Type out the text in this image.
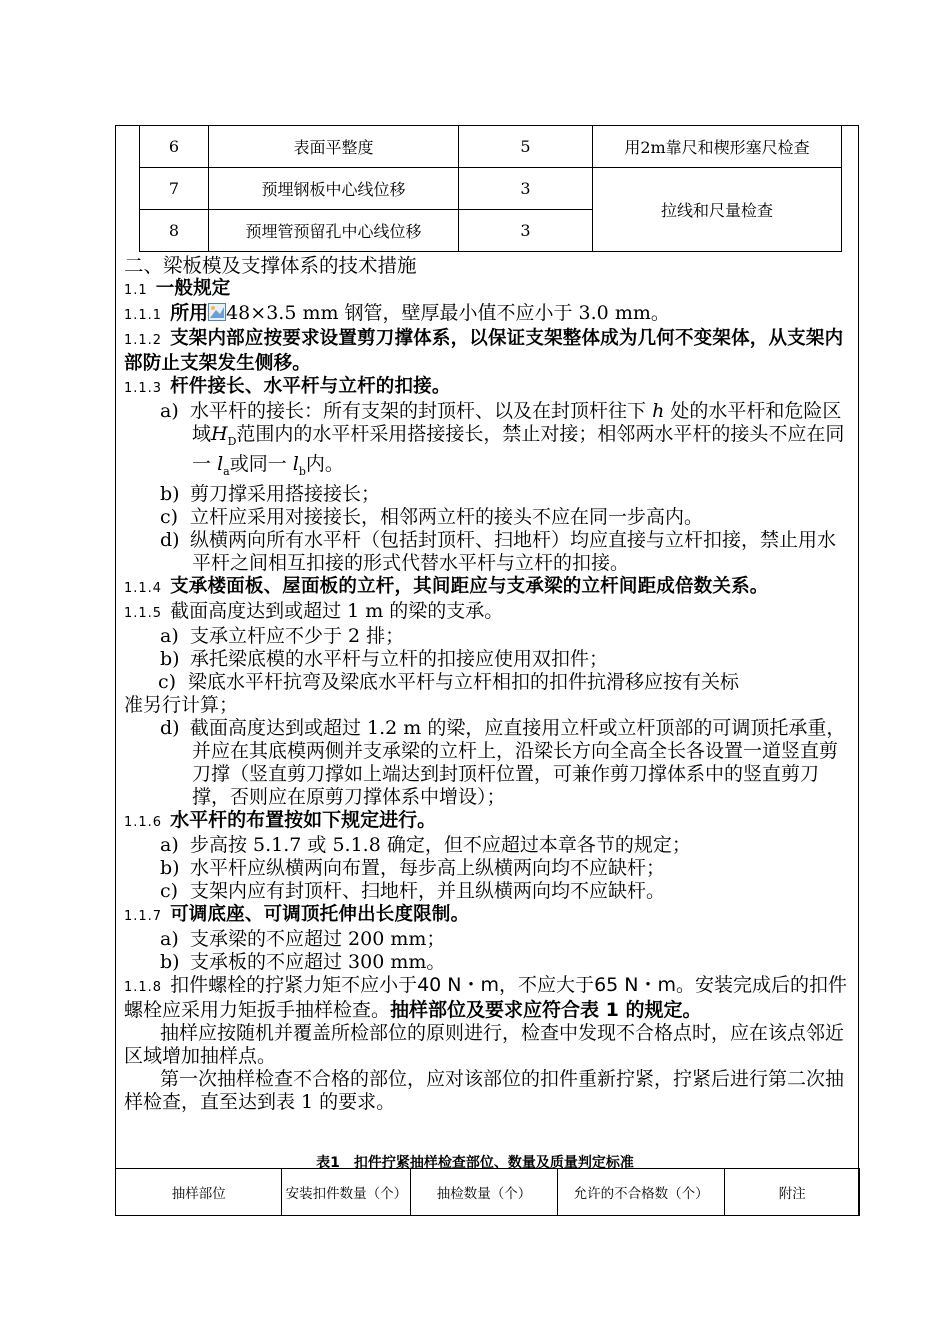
6	表面平整度	5	用2m靠尺和楔形塞尺检查
7	预埋钢板中心线位移	3	拉线和尺量检查
8	预埋管预留孔中心线位移	3	

二、梁板模及支撑体系的技术措施

1.1 一般规定

1.1.1 所用 48×3.5 mm 钢管，壁厚最小值不应小于 3.0 mm。

1.1.2 支架内部应按要求设置剪刀撑体系，以保证支架整体成为几何不变架体，从支架内部防止支架发生侧移。

1.1.3 杆件接长、水平杆与立杆的扣接。

a) 水平杆的接长：所有支架的封顶杆、以及在封顶杆往下 h 处的水平杆和危险区域$H_D$范围内的水平杆采用搭接接长，禁止对接；相邻两水平杆的接头不应在同一 $l_a$或同一 $l_b$内。

b) 剪刀撑采用搭接接长；

c) 立杆应采用对接接长，相邻两立杆的接头不应在同一步高内。

d) 纵横两向所有水平杆（包括封顶杆、扫地杆）均应直接与立杆扣接，禁止用水平杆之间相互扣接的形式代替水平杆与立杆的扣接。

1.1.4 支承楼面板、屋面板的立杆，其间距应与支承梁的立杆间距成倍数关系。

1.1.5 截面高度达到或超过 1 m 的梁的支承。

a) 支承立杆应不少于 2 排；

b) 承托梁底模的水平杆与立杆的扣接应使用双扣件；

c) 梁底水平杆抗弯及梁底水平杆与立杆相扣的扣件抗滑移应按有关标

准另行计算；

d) 截面高度达到或超过 1.2 m 的梁，应直接用立杆或立杆顶部的可调顶托承重，并应在其底模两侧并支承梁的立杆上，沿梁长方向全高全长各设置一道竖直剪刀撑（竖直剪刀撑如上端达到封顶杆位置，可兼作剪刀撑体系中的竖直剪刀撑，否则应在原剪刀撑体系中增设）；

1.1.6 水平杆的布置按如下规定进行。

a) 步高按 5.1.7 或 5.1.8 确定，但不应超过本章各节的规定；

b) 水平杆应纵横两向布置，每步高上纵横两向均不应缺杆；

c) 支架内应有封顶杆、扫地杆，并且纵横两向均不应缺杆。

1.1.7 可调底座、可调顶托伸出长度限制。

a) 支承梁的不应超过 200 mm；

b) 支承板的不应超过 300 mm。

1.1.8 扣件螺栓的拧紧力矩不应小于40 N・m，不应大于65 N・m。安装完成后的扣件螺栓应采用力矩扳手抽样检查。抽样部位及要求应符合表 1 的规定。

抽样应按随机并覆盖所检部位的原则进行，检查中发现不合格点时，应在该点邻近区域增加抽样点。

第一次抽样检查不合格的部位，应对该部位的扣件重新拧紧，拧紧后进行第二次抽样检查，直至达到表 1 的要求。

表1　扣件拧紧抽样检查部位、数量及质量判定标准
抽样部位	安装扣件数量（个）	抽检数量（个）	允许的不合格数（个）	附注
